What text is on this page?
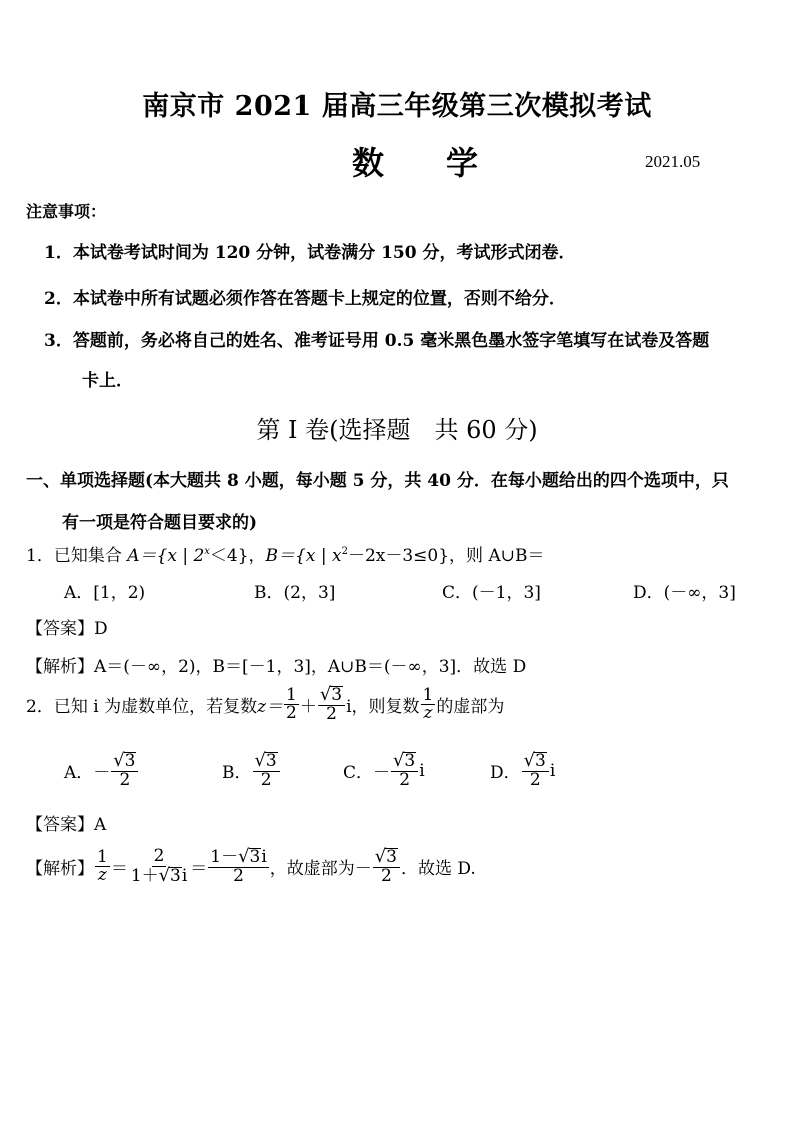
南京市 2021 届高三年级第三次模拟考试
数学	2021.05
注意事项：
1．本试卷考试时间为 120 分钟，试卷满分 150 分，考试形式闭卷．
2．本试卷中所有试题必须作答在答题卡上规定的位置，否则不给分．
3．答题前，务必将自己的姓名、准考证号用 0.5 毫米黑色墨水签字笔填写在试卷及答题
卡上．
第 I 卷(选择题　共 60 分)
一、单项选择题(本大题共 8 小题，每小题 5 分，共 40 分．在每小题给出的四个选项中，只
有一项是符合题目要求的)
1．已知集合 A＝{x | $2^x<4$}，B＝{x | $x^2-2x-3\le 0$}，则 A∪B＝
A．[1，2)	B．(2，3]	C．(－1，3]	D．(－∞，3]
【答案】D
【解析】A＝(－∞，2)，B＝[－1，3]，A∪B＝(－∞，3]．故选 D
2． 已知 i 为虚数单位，若复数 $z= \frac{1}{2} + \frac{√ 3}{2}$ i，则复数 $\frac{1}{z}$ 的虚部为
A． － $\frac{√ 3}{2}$	B． $\frac{√ 3}{2}$	C． － $\frac{√ 3}{2}$ i	D． $\frac{√ 3}{2}$ i
【答案】A
【解析】 $\frac{1}{z} = \frac{2}{1+ √ 3 i} = \frac{1- √ 3 i}{2}$ ，故虚部为 － $\frac{√ 3}{2}$ ．故选 D.
